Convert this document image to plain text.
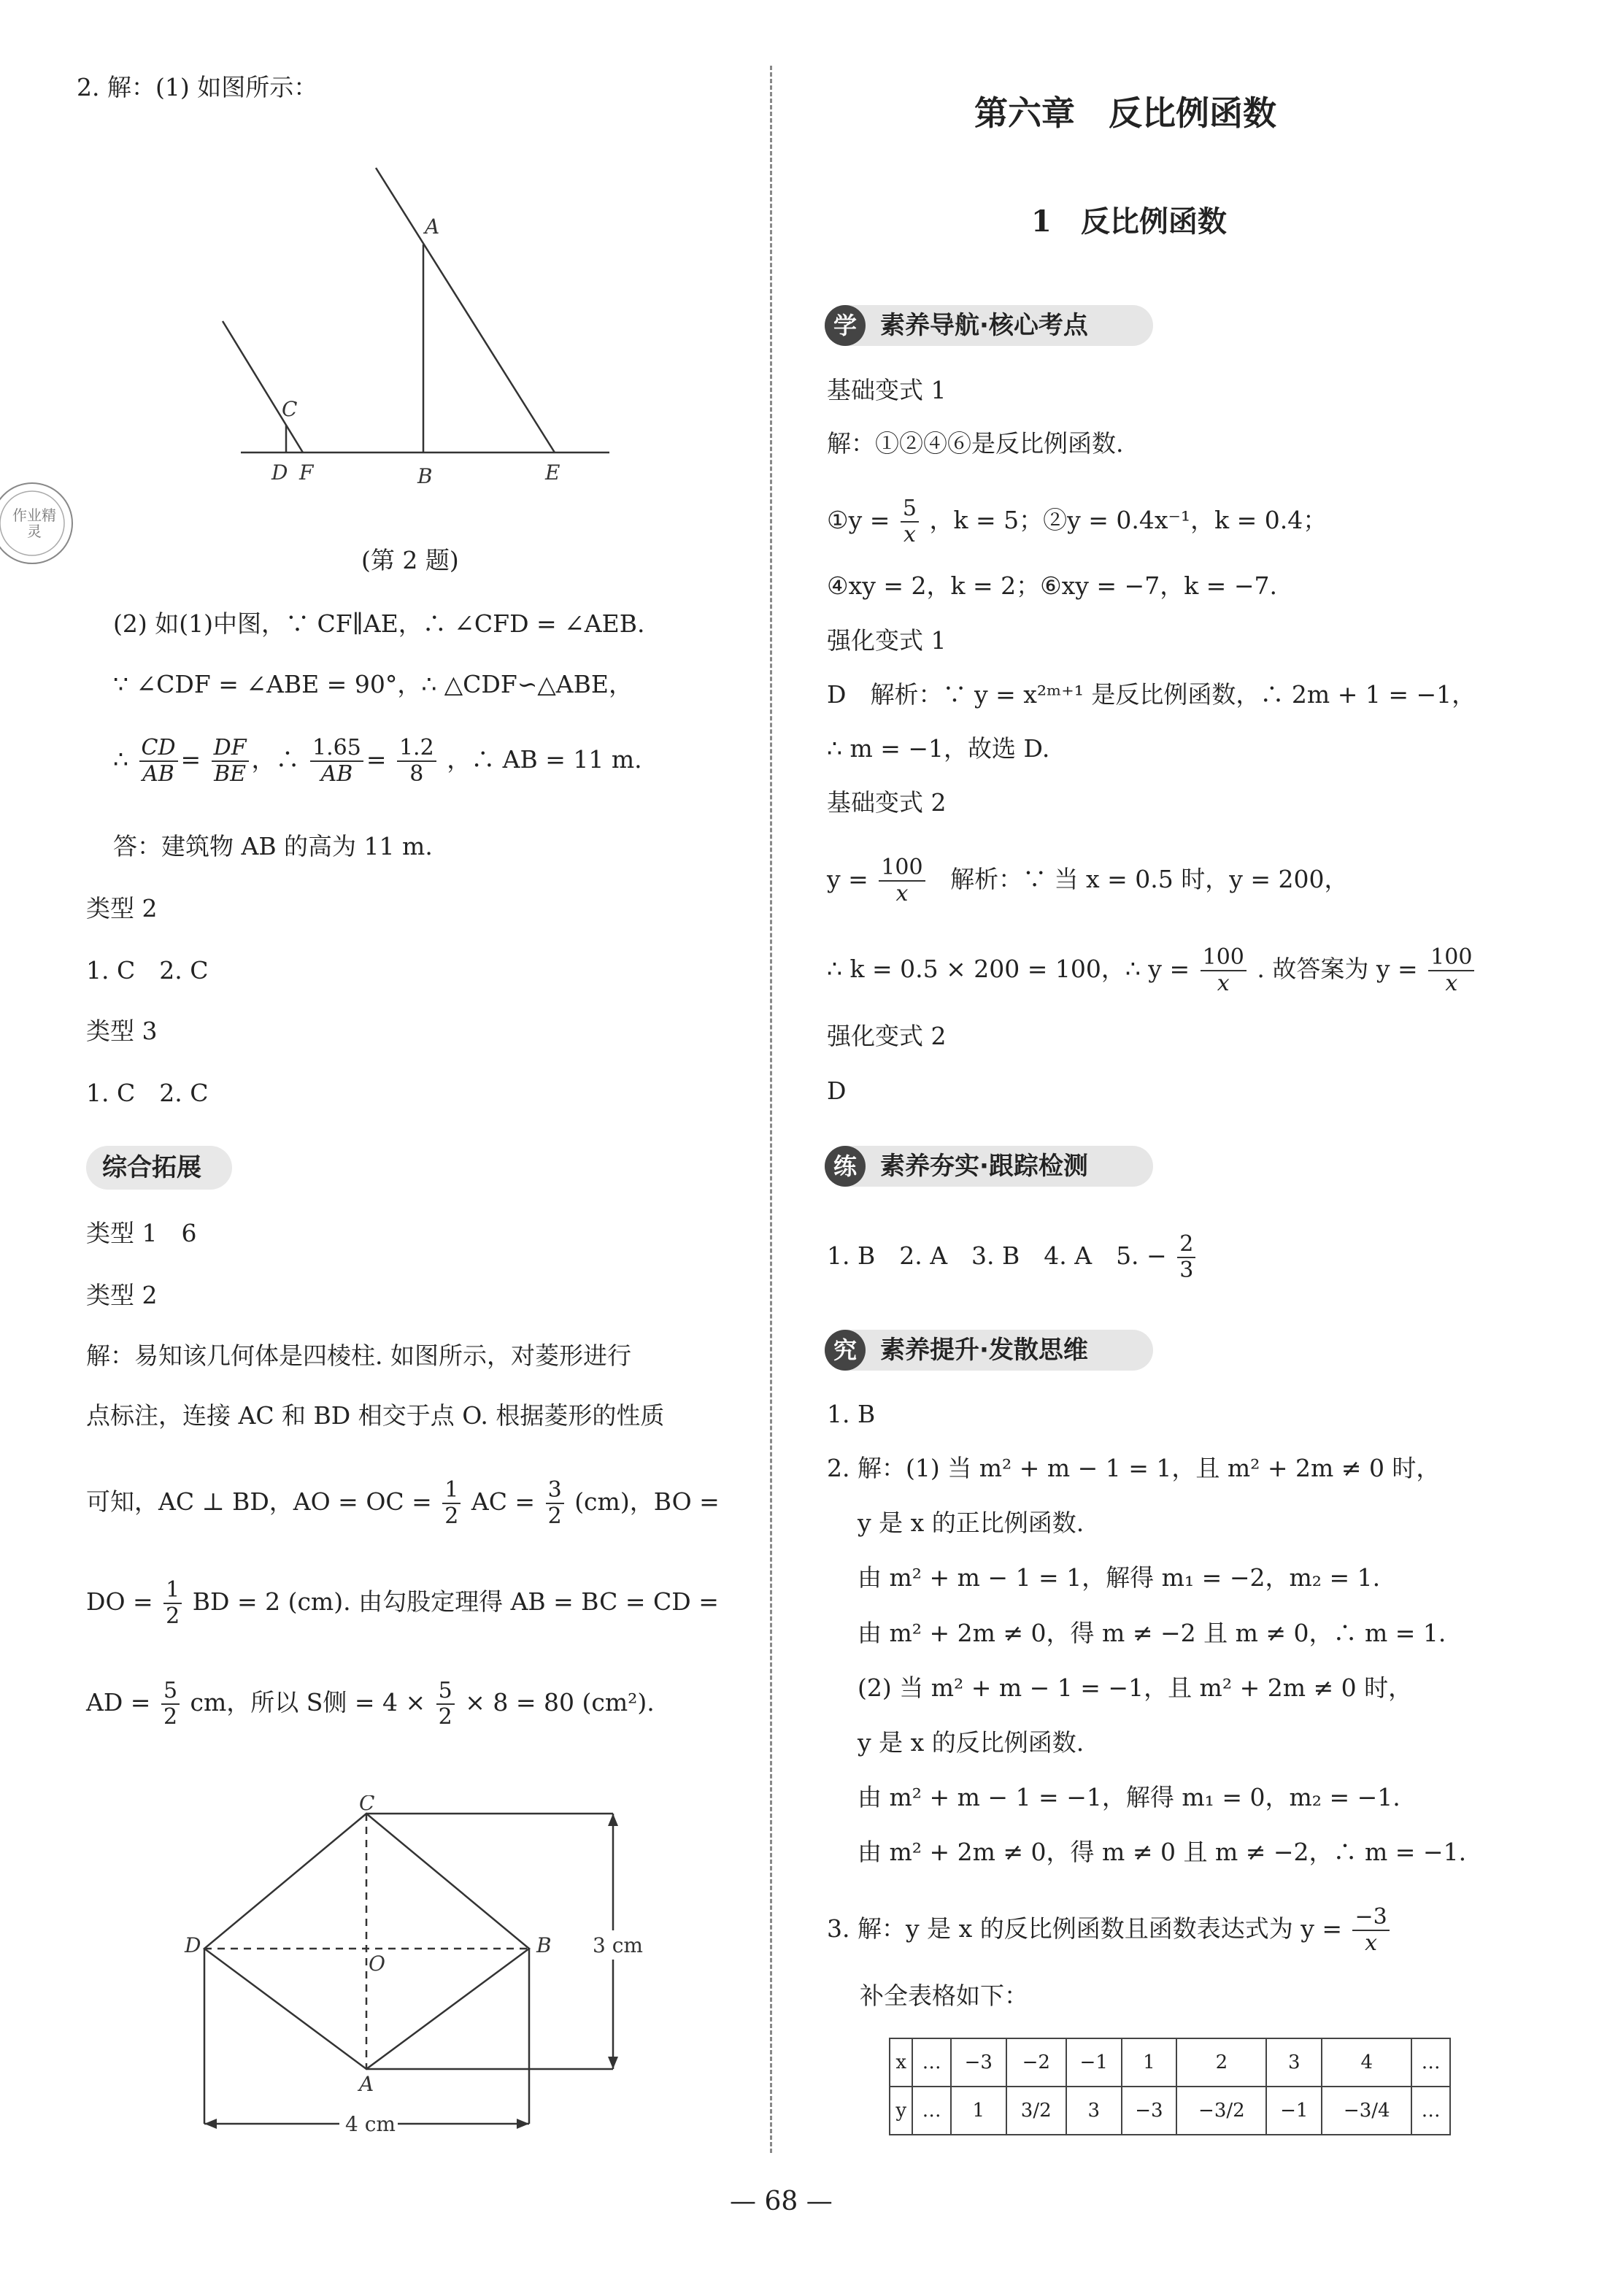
2. 解：(1) 如图所示：
A
C
D F	B	E
作业精灵
(第 2 题)
(2) 如(1)中图，∵ CF∥AE，∴ ∠CFD = ∠AEB.
∵ ∠CDF = ∠ABE = 90°，∴ △CDF∽△ABE，
∴ $\frac{CD}{AB} = \frac{DF}{BE}$ ，∴ $\frac{1.65}{AB} = \frac{1.2}{8}$ ，∴ AB = 11 m.
答：建筑物 AB 的高为 11 m.
类型 2
1. C　2. C
类型 3
1. C　2. C
综合拓展
类型 1　6
类型 2
解：易知该几何体是四棱柱. 如图所示，对菱形进行
点标注，连接 AC 和 BD 相交于点 O. 根据菱形的性质
可知，AC ⊥ BD，AO = OC = $\frac{1}{2}$ AC = $\frac{3}{2} (cm)$，BO =
DO = $\frac{1}{2}$ BD = 2 (cm). 由勾股定理得 AB = BC = CD =
AD = $\frac{5}{2}$ cm，所以 S侧 = $4 \times \frac{5}{2} \times 8 = 80$ (cm²).
C
D
O
B
A
3 cm
4 cm
第六章　反比例函数
1　反比例函数
学 素养导航·核心考点
基础变式 1
解：①②④⑥是反比例函数.
①y = $\frac{5}{x}$ ，k = 5；②y = 0.4x⁻¹，k = 0.4；
④xy = 2，k = 2；⑥xy = −7，k = −7.
强化变式 1
D　解析：∵ y = x²ᵐ⁺¹ 是反比例函数，∴ 2m + 1 = −1，
∴ m = −1，故选 D.
基础变式 2
$y = \frac{100}{x}$ 解析：∵ 当 x = 0.5 时，y = 200，
∴ k = 0.5 × 200 = 100，∴ $y = \frac{100}{x}$ . 故答案为 $y = \frac{100}{x}$
强化变式 2
D
练 素养夯实·跟踪检测
1. B　2. A　3. B　4. A　5. − $\frac{2}{3}$
究 素养提升·发散思维
1. B
2. 解：(1) 当 m² + m − 1 = 1，且 m² + 2m ≠ 0 时，
y 是 x 的正比例函数.
由 m² + m − 1 = 1，解得 m₁ = −2，m₂ = 1.
由 m² + 2m ≠ 0，得 m ≠ −2 且 m ≠ 0，∴ m = 1.
(2) 当 m² + m − 1 = −1，且 m² + 2m ≠ 0 时，
y 是 x 的反比例函数.
由 m² + m − 1 = −1，解得 m₁ = 0，m₂ = −1.
由 m² + 2m ≠ 0，得 m ≠ 0 且 m ≠ −2，∴ m = −1.
3. 解：y 是 x 的反比例函数且函数表达式为 $y = \frac{-3}{x}$
补全表格如下：
x	…	−3	−2	−1	1	2	3	4	…
y	…	1	3/2	3	−3	−3/2	−1	−3/4	…
— 68 —
